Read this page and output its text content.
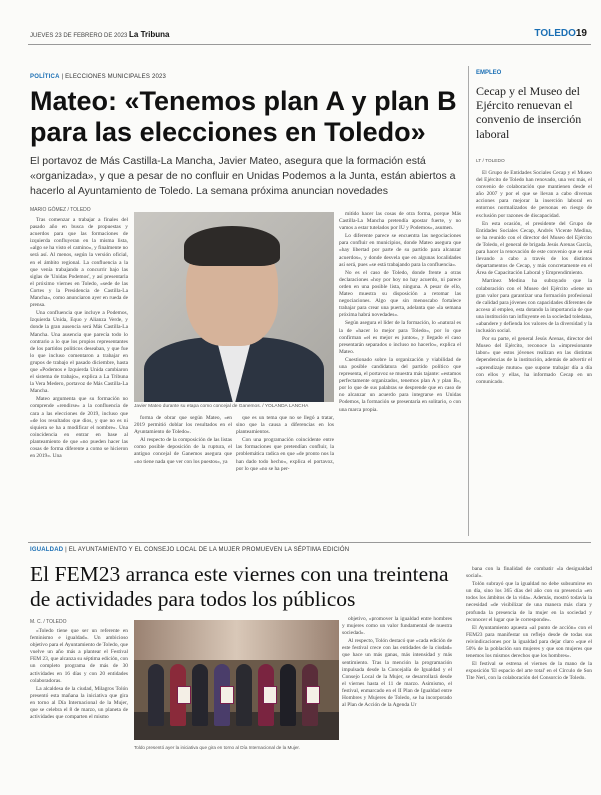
JUEVES 23 DE FEBRERO DE 2023 La Tribuna	TOLEDO19
POLÍTICA | ELECCIONES MUNICIPALES 2023
Mateo: «Tenemos plan A y plan B para las elecciones en Toledo»

El portavoz de Más Castilla-La Mancha, Javier Mateo, asegura que la formación está «organizada», y que a pesar de no confluir en Unidas Podemos a la Junta, están abiertos a hacerlo al Ayuntamiento de Toledo. La semana próxima anuncian novedades

MARIO GÓMEZ / TOLEDO

Tras comenzar a trabajar a finales del pasado año en busca de propuestas y acuerdos para que las formaciones de izquierda confluyeran en la misma lista, «algo se ha visto el camino», y finalmente no será así. Al menos, según la versión oficial, en el ámbito regional. La confluencia a la que venía trabajando a concurrir bajo las siglas de 'Unidas Podemos', y así presentarla el próximo viernes en Toledo, «sede de las Cortes y la Presidencia de Castilla-La Mancha», como anunciaron ayer en rueda de prensa.

Una confluencia que incluye a Podemos, Izquierda Unida, Equo y Alianza Verde, y donde la gran ausencia será Más Castilla-La Mancha. Una ausencia que parecía todo lo contrario a lo que los propios representantes de los partidos políticos deseaban, y que fue lo que incluso comentaron a trabajar en grupos de trabajo el pasado diciembre, hasta que «Podemos e Izquierda Unida cambiaron el sistema de trabajo», explica a La Tribuna la Vera Medero, portavoz de Más Castilla-La Mancha.

Mateo argumenta que su formación no comprende «rendirse» a la confluencia de cara a las elecciones de 2019, incluso que «de los resultados que dios, y que no es ni siquiera se ha a modificar el nombre». Una coincidencia en entrar en base al planteamiento de que «no pueden hacer las cosas de forma diferente a como se hicieron en 2019». Una

Javier Mateo durante su etapa como concejal de Ganemos. / YOLANDA LANCHA

forma de obrar que según Mateo, «en 2019 permitió doblar los resultados en el Ayuntamiento de Toledo».

Al respecto de la composición de las listas como posible deposición de la ruptura, el antiguo concejal de Ganemos asegura que «no tiene nada que ver con los puestos», ya

que es un tema que no se llegó a tratar, sino que la causa a diferencias en los planteamientos.

Con una programación coincidente entre las formaciones que pretendían confluir, la problemática radica en que «de pronto nos la han dado todo hecho», explica el portavoz, por lo que «no se ha per-

mitido hacer las cosas de otra forma, porque Más Castilla-La Mancha pretendía apostar fuerte, y no vamos a estar tutelados por IU y Podemos», asumen.

Lo diferente parece se encuentra las negociaciones para confluir en municipios, donde Mateo asegura que «hay libertad por parte de su partido para alcanzar acuerdos», y donde desvela que en algunas localidades así será, pues «se está trabajando para la confluencia».

No es el caso de Toledo, donde frente a otras declaraciones «hoy por hoy no hay acuerdo, ni parece orden en una posible lista, ninguna. A pesar de ello, Mateo muestra su disposición a retomar las negociaciones. Algo que sin menoscabo fortalece trabajar para crear una puerta, adelanta que «la semana próxima habrá novedades».

Según asegura el líder de la formación, lo «natural es la de «hacer lo mejor para Toledo», por lo que confirman «el es mejor es juntos», y llegado el caso presentarán separados o incluso no hacerlo», explica el Mateo.

Cuestionado sobre la organización y viabilidad de una posible candidatura del partido político que representa, el portavoz se muestra más tajante: «estamos perfectamente organizados, tenemos plan A y plan B», por lo que de sus palabras se desprende que en caso de no alcanzar un acuerdo para integrarse en Unidas Podemos, la formación se presentaría en solitario, o con una marca propia.

EMPLEO
Cecap y el Museo del Ejército renuevan el convenio de inserción laboral
LT / TOLEDO

El Grupo de Entidades Sociales Cecap y el Museo del Ejército de Toledo han renovado, una vez más, el convenio de colaboración que mantienen desde el año 2007 y por el que se llevan a cabo diversas acciones para mejorar la inserción laboral en entornos normalizados de personas en riesgo de exclusión por razones de discapacidad.

En esta ocasión, el presidente del Grupo de Entidades Sociales Cecap, Andrés Vicente Medina, se ha reunido con el director del Museo del Ejército de Toledo, el general de brigada Jesús Arenas García, para hacer la renovación de este convenio que se está llevando a cabo a través de los distintos departamentos de Cecap, y más concretamente en el Área de Capacitación Laboral y Emprendimiento.

Martínez Medina ha subrayado que la colaboración con el Museo del Ejército «tiene un gran valor para garantizar una formación profesional de calidad para jóvenes con capacidades diferentes de acceso al empleo, esta dotando la importancia de que una institución tan influyente en la sociedad toledana, «abandere y defienda los valores de la diversidad y la inclusión social.

Por su parte, el general Jesús Arenas, director del Museo del Ejército, reconoce la «impresionante labor» que estos jóvenes realizan en las distintas dependencias de la institución, además de advertir el «aprendizaje mutuo» que supone trabajar día a día con ellos y ellas, ha informado Cecap en un comunicado.

IGUALDAD | EL AYUNTAMIENTO Y EL CONSEJO LOCAL DE LA MUJER PROMUEVEN LA SÉPTIMA EDICIÓN
El FEM23 arranca este viernes con una treintena de actividades para todos los públicos
M. C. / TOLEDO

«Toledo tiene que ser un referente en feminismo e igualdad». Un ambicioso objetivo para el Ayuntamiento de Toledo, que vuelve un año más a plantear el Festival FEM 23, que alcanza su séptima edición, con un completo programa de más de 30 actividades en 16 días y con 20 entidades colaboradoras.

La alcaldesa de la ciudad, Milagros Tolón presentó esta mañana la iniciativa que gira en torno al Día Internacional de la Mujer, que se celebra el 8 de marzo, un planeta de actividades que comparten el mismo

Toldo presentó ayer la iniciativa que gira en torno al Día Internacional de la Mujer.

objetivo, «promover la igualdad entre hombres y mujeres como un valor fundamental de nuestra sociedad».

Al respecto, Tolón destacó que «cada edición de este festival crece con las entidades de la ciudad» que hace un más ganas, más intensidad y más sentimiento. Tras la mención la programación impulsada desde la Concejalía de Igualdad y el Consejo Local de la Mujer, se desarrollará desde el viernes hasta el 11 de marzo. Asimismo, el festival, enmarcado en el II Plan de Igualdad entre Hombres y Mujeres de Toledo, se ha incorporado al Plan de Acción de la Agenda Ur

bana con la finalidad de combatir «la desigualdad social».

Tolón subrayó que la igualdad no debe subsumirse en un día, sino los 365 días del año con su presencia «en todos los ámbitos de la vida». Además, mostró todavía la necesidad «de visibilizar de una manera más clara y profunda la presencia de la mujer en la sociedad y reconocer el lugar que le corresponde».

El Ayuntamiento apuesta «al punto de acción» con el FEM23 para manifestar un reflejo desde de todas sus reivindicaciones por la igualdad para dejar claro «que el 50% de la población son mujeres y que son mujeres que tenemos los mismos derechos que los hombres».

El festival se estrena el viernes de la mano de la exposición 'El espacio del arte total' en el Círculo de Son Tite Neri, con la colaboración del Consorcio de Toledo.
